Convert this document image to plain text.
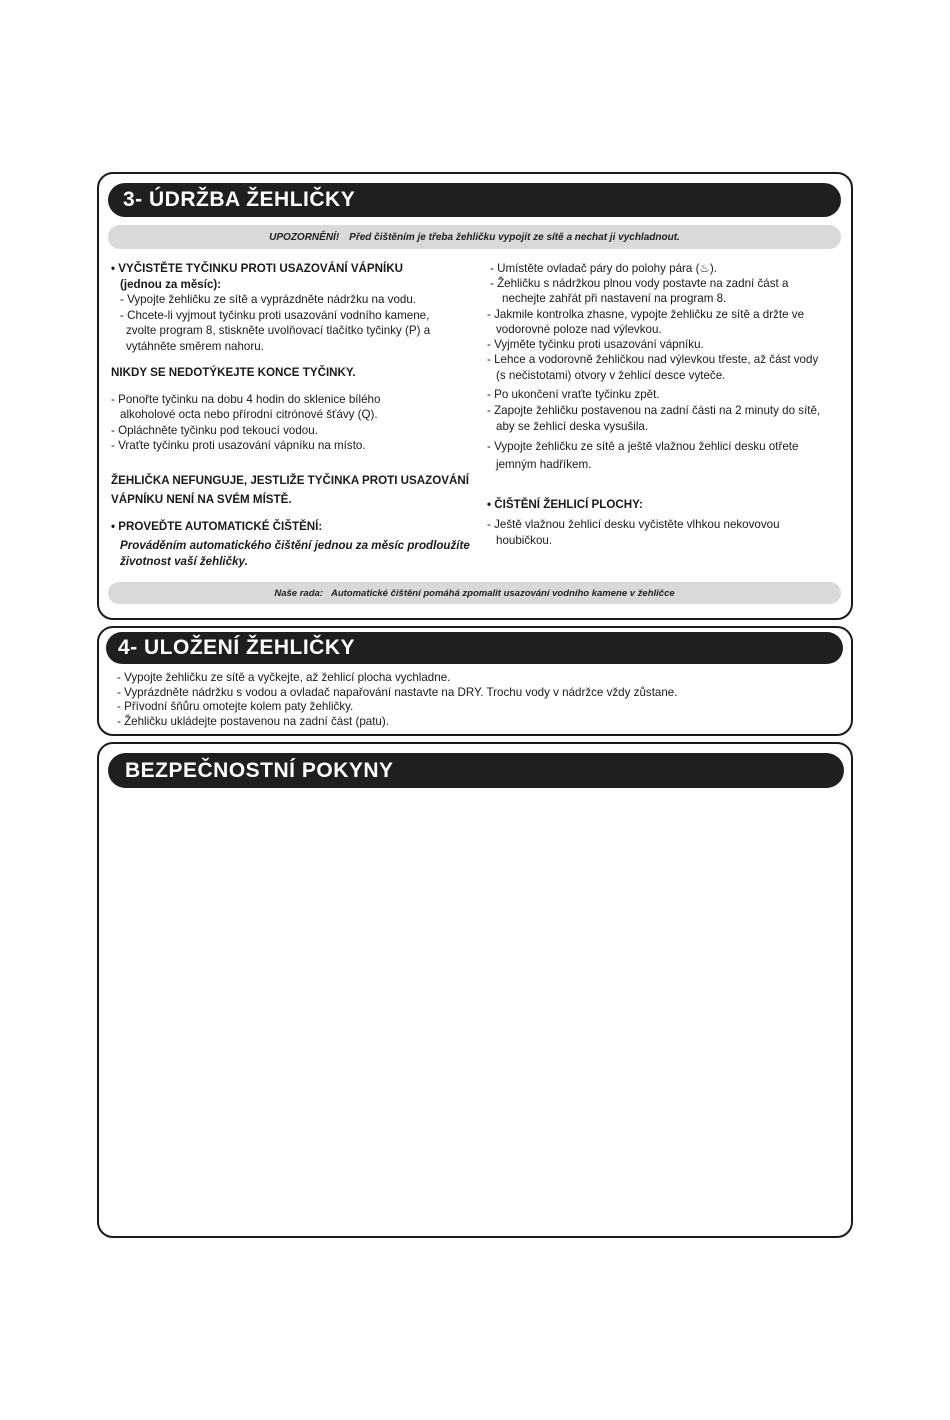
3- ÚDRŽBA ŽEHLIČKY
UPOZORNĚNÍ! Před čištěním je třeba žehličku vypojit ze sítě a nechat ji vychladnout.
• VYČISTĚTE TYČINKU PROTI USAZOVÁNÍ VÁPNÍKU
(jednou za měsíc):
- Vypojte žehličku ze sítě a vyprázdněte nádržku na vodu.
- Chcete-li vyjmout tyčinku proti usazování vodního kamene,
zvolte program 8, stiskněte uvolňovací tlačítko tyčinky (P) a
vytáhněte směrem nahoru.
NIKDY SE NEDOTÝKEJTE KONCE TYČINKY.
- Ponořte tyčinku na dobu 4 hodin do sklenice bílého
alkoholové octa nebo přírodní citrónové šťávy (Q).
- Opláchněte tyčinku pod tekoucí vodou.
- Vraťte tyčinku proti usazování vápníku na místo.
ŽEHLIČKA NEFUNGUJE, JESTLIŽE TYČINKA PROTI USAZOVÁNÍ
VÁPNÍKU NENÍ NA SVÉM MÍSTĚ.
• PROVEĎTE AUTOMATICKÉ ČIŠTĚNÍ:
Prováděním automatického čištění jednou za měsíc prodloužíte
životnost vaší žehličky.
- Umístěte ovladač páry do polohy pára (♨).
- Žehličku s nádržkou plnou vody postavte na zadní část a
nechejte zahřát při nastavení na program 8.
- Jakmile kontrolka zhasne, vypojte žehličku ze sítě a držte ve
vodorovné poloze nad výlevkou.
- Vyjměte tyčinku proti usazování vápníku.
- Lehce a vodorovně žehličkou nad výlevkou třeste, až část vody
(s nečistotami) otvory v žehlicí desce vyteče.
- Po ukončení vraťte tyčinku zpět.
- Zapojte žehličku postavenou na zadní části na 2 minuty do sítě,
aby se žehlicí deska vysušila.
- Vypojte žehličku ze sítě a ještě vlažnou žehlicí desku otřete
jemným hadříkem.
• ČIŠTĚNÍ ŽEHLICÍ PLOCHY:
- Ještě vlažnou žehlicí desku vyčistěte vlhkou nekovovou
houbičkou.
Naše rada: Automatické čištění pomáhá zpomalit usazování vodního kamene v žehličce
4- ULOŽENÍ ŽEHLIČKY
- Vypojte žehličku ze sítě a vyčkejte, až žehlicí plocha vychladne.
- Vyprázdněte nádržku s vodou a ovladač napařování nastavte na DRY. Trochu vody v nádržce vždy zůstane.
- Přívodní šňůru omotejte kolem paty žehličky.
- Žehličku ukládejte postavenou na zadní část (patu).
BEZPEČNOSTNÍ POKYNY
